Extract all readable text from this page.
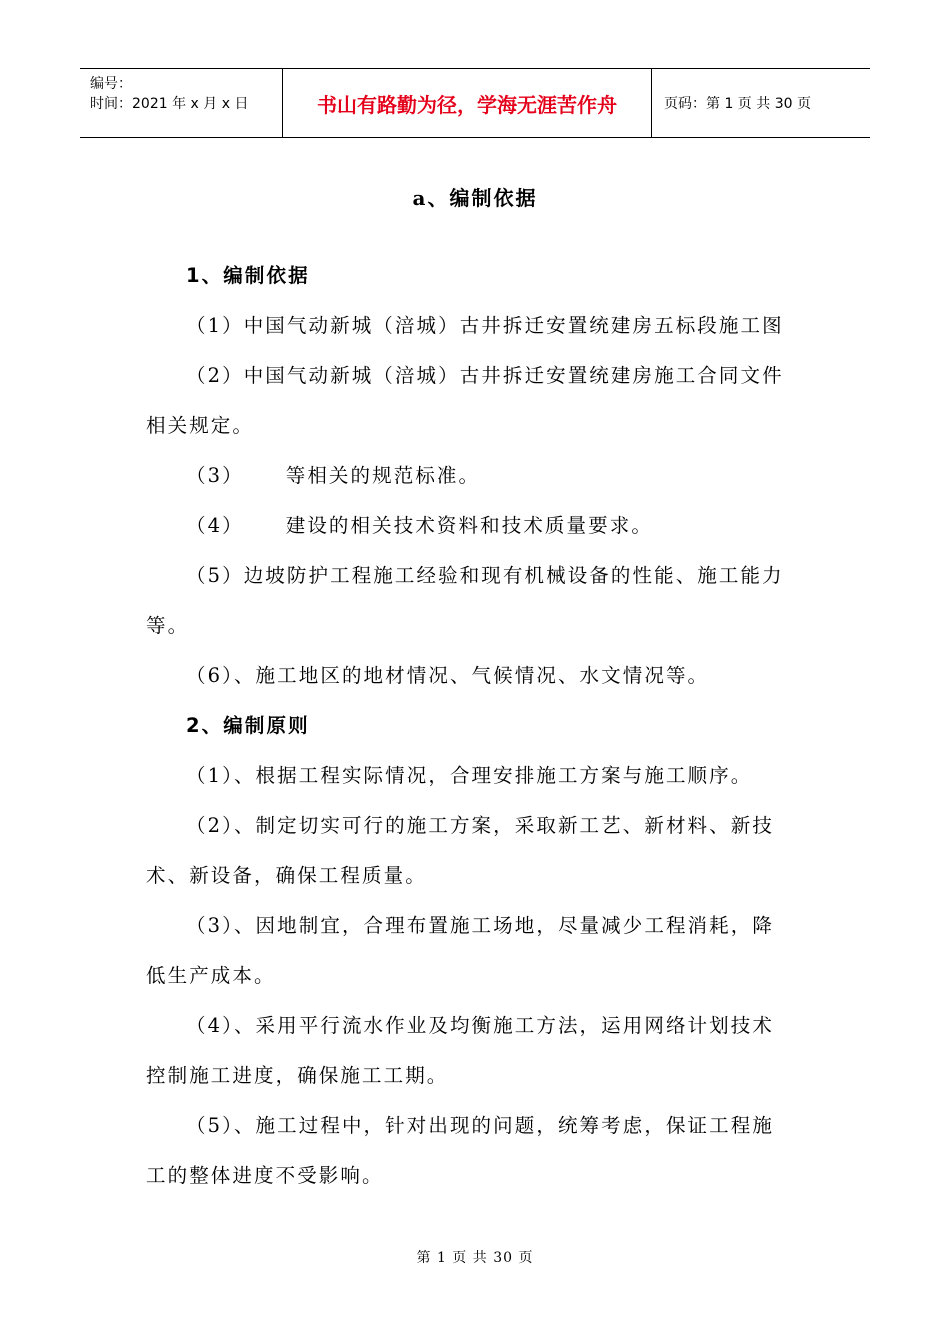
编号：
时间：2021 年 x 月 x 日	书山有路勤为径，学海无涯苦作舟	页码：第 1 页 共 30 页
a、编制依据
1、编制依据
（1）中国气动新城（涪城）古井拆迁安置统建房五标段施工图
（2）中国气动新城（涪城）古井拆迁安置统建房施工合同文件
相关规定。
（3） 等相关的规范标准。
（4） 建设的相关技术资料和技术质量要求。
（5）边坡防护工程施工经验和现有机械设备的性能、施工能力
等。
（6）、施工地区的地材情况、气候情况、水文情况等。
2、编制原则
（1）、根据工程实际情况，合理安排施工方案与施工顺序。
（2）、制定切实可行的施工方案，采取新工艺、新材料、新技
术、新设备，确保工程质量。
（3）、因地制宜，合理布置施工场地，尽量减少工程消耗，降
低生产成本。
（4）、采用平行流水作业及均衡施工方法，运用网络计划技术
控制施工进度，确保施工工期。
（5）、施工过程中，针对出现的问题，统筹考虑，保证工程施
工的整体进度不受影响。
第 1 页 共 30 页
